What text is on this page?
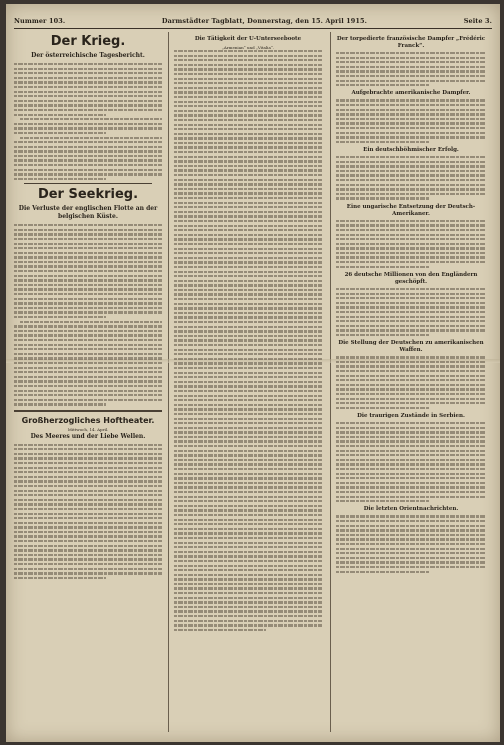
Nummer 103.	Darmstädter Tagblatt, Donnerstag, den 15. April 1915.	Seite 3.
Der Krieg.
Der österreichische Tagesbericht.
Der Seekrieg.
Die Verluste der englischen Flotte an der belgischen Küste.
Großherzogliches Hoftheater.
Mittwoch, 14. April.
Des Meeres und der Liebe Wellen.
Die Tätigkeit der U-Unterseeboote
„Armenian“ und „Vitalia“.
Der torpedierte französische Dampfer „Frédéric Franck“.
Aufgebrachte amerikanische Dampfer.
Ein deutschböhmischer Erfolg.
Eine ungarische Entsetzung der Deutsch-Amerikaner.
26 deutsche Millionen von den Engländern geschöpft.
Die Stellung der Deutschen zu amerikanischen Waffen.
Die traurigen Zustände in Serbien.
Die letzten Orientnachrichten.
